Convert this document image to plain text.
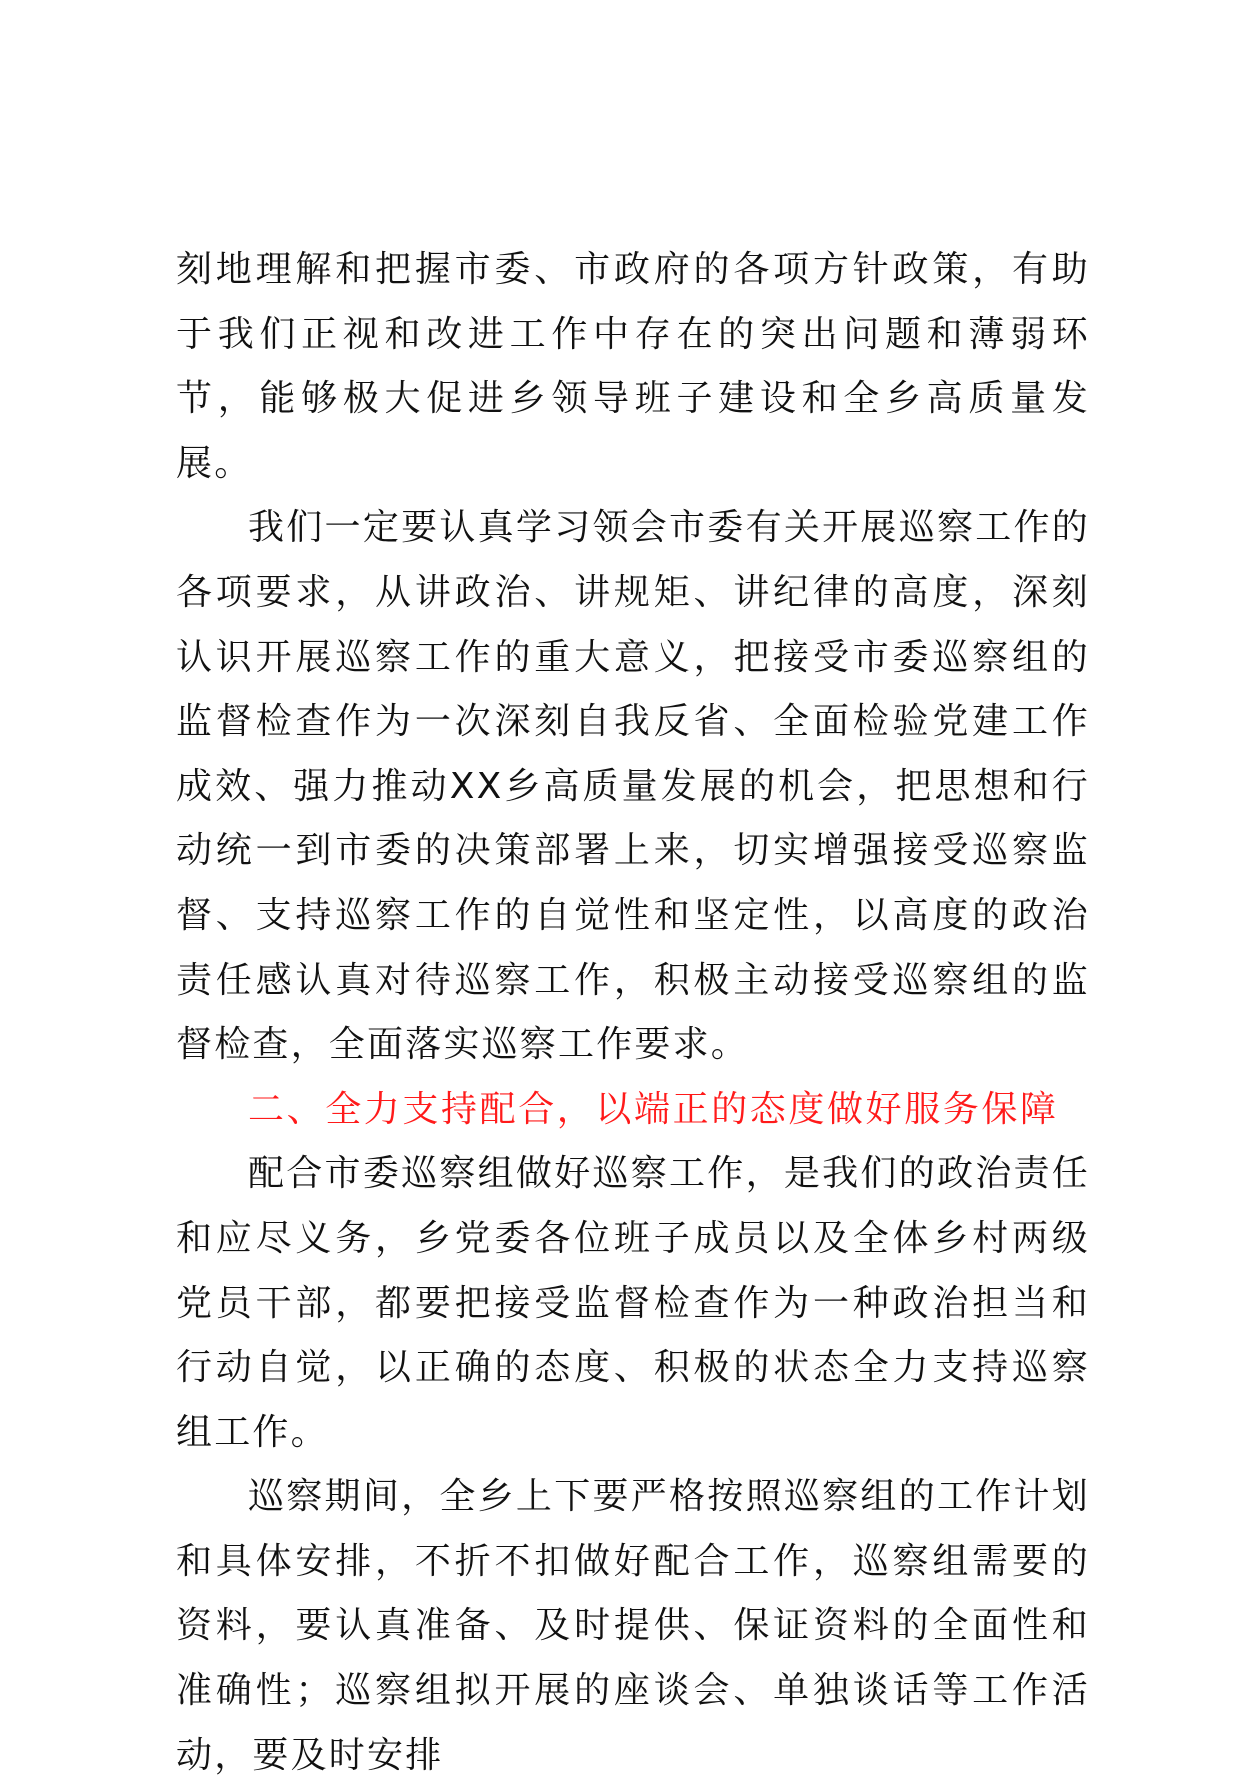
刻地理解和把握市委、市政府的各项方针政策，有助于我们正视和改进工作中存在的突出问题和薄弱环节，能够极大促进乡领导班子建设和全乡高质量发展。

我们一定要认真学习领会市委有关开展巡察工作的各项要求，从讲政治、讲规矩、讲纪律的高度，深刻认识开展巡察工作的重大意义，把接受市委巡察组的监督检查作为一次深刻自我反省、全面检验党建工作成效、强力推动XX乡高质量发展的机会，把思想和行动统一到市委的决策部署上来，切实增强接受巡察监督、支持巡察工作的自觉性和坚定性，以高度的政治责任感认真对待巡察工作，积极主动接受巡察组的监督检查，全面落实巡察工作要求。

二、全力支持配合，以端正的态度做好服务保障

配合市委巡察组做好巡察工作，是我们的政治责任和应尽义务，乡党委各位班子成员以及全体乡村两级党员干部，都要把接受监督检查作为一种政治担当和行动自觉，以正确的态度、积极的状态全力支持巡察组工作。

巡察期间，全乡上下要严格按照巡察组的工作计划和具体安排，不折不扣做好配合工作，巡察组需要的资料，要认真准备、及时提供、保证资料的全面性和准确性；巡察组拟开展的座谈会、单独谈话等工作活动，要及时安排
